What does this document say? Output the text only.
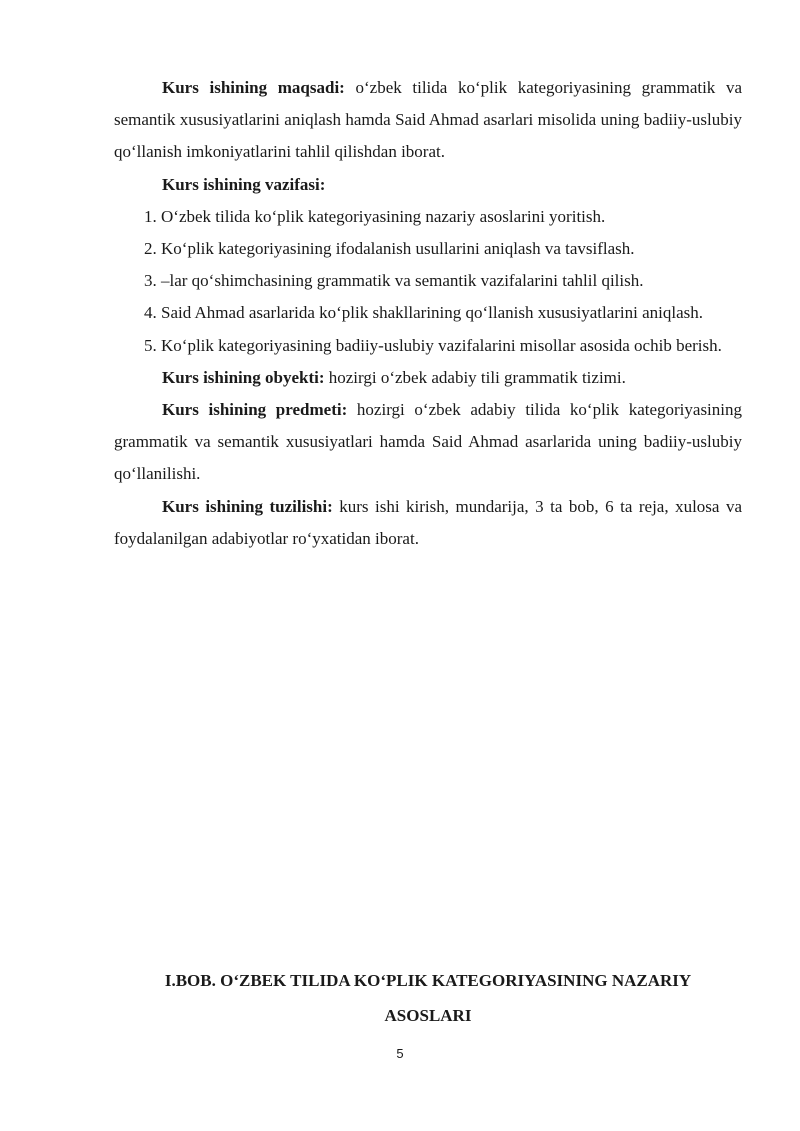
Kurs ishining maqsadi: o‘zbek tilida ko‘plik kategoriyasining grammatik va semantik xususiyatlarini aniqlash hamda Said Ahmad asarlari misolida uning badiiy-uslubiy qo‘llanish imkoniyatlarini tahlil qilishdan iborat.

Kurs ishining vazifasi:

1. O‘zbek tilida ko‘plik kategoriyasining nazariy asoslarini yoritish.

2. Ko‘plik kategoriyasining ifodalanish usullarini aniqlash va tavsiflash.

3. –lar qo‘shimchasining grammatik va semantik vazifalarini tahlil qilish.

4. Said Ahmad asarlarida ko‘plik shakllarining qo‘llanish xususiyatlarini aniqlash.

5. Ko‘plik kategoriyasining badiiy-uslubiy vazifalarini misollar asosida ochib berish.

Kurs ishining obyekti: hozirgi o‘zbek adabiy tili grammatik tizimi.

Kurs ishining predmeti: hozirgi o‘zbek adabiy tilida ko‘plik kategoriyasining grammatik va semantik xususiyatlari hamda Said Ahmad asarlarida uning badiiy-uslubiy qo‘llanilishi.

Kurs ishining tuzilishi: kurs ishi kirish, mundarija, 3 ta bob, 6 ta reja, xulosa va foydalanilgan adabiyotlar ro‘yxatidan iborat.

I.BOB. O‘ZBEK TILIDA KO‘PLIK KATEGORIYASINING NAZARIY
ASOSLARI
5
